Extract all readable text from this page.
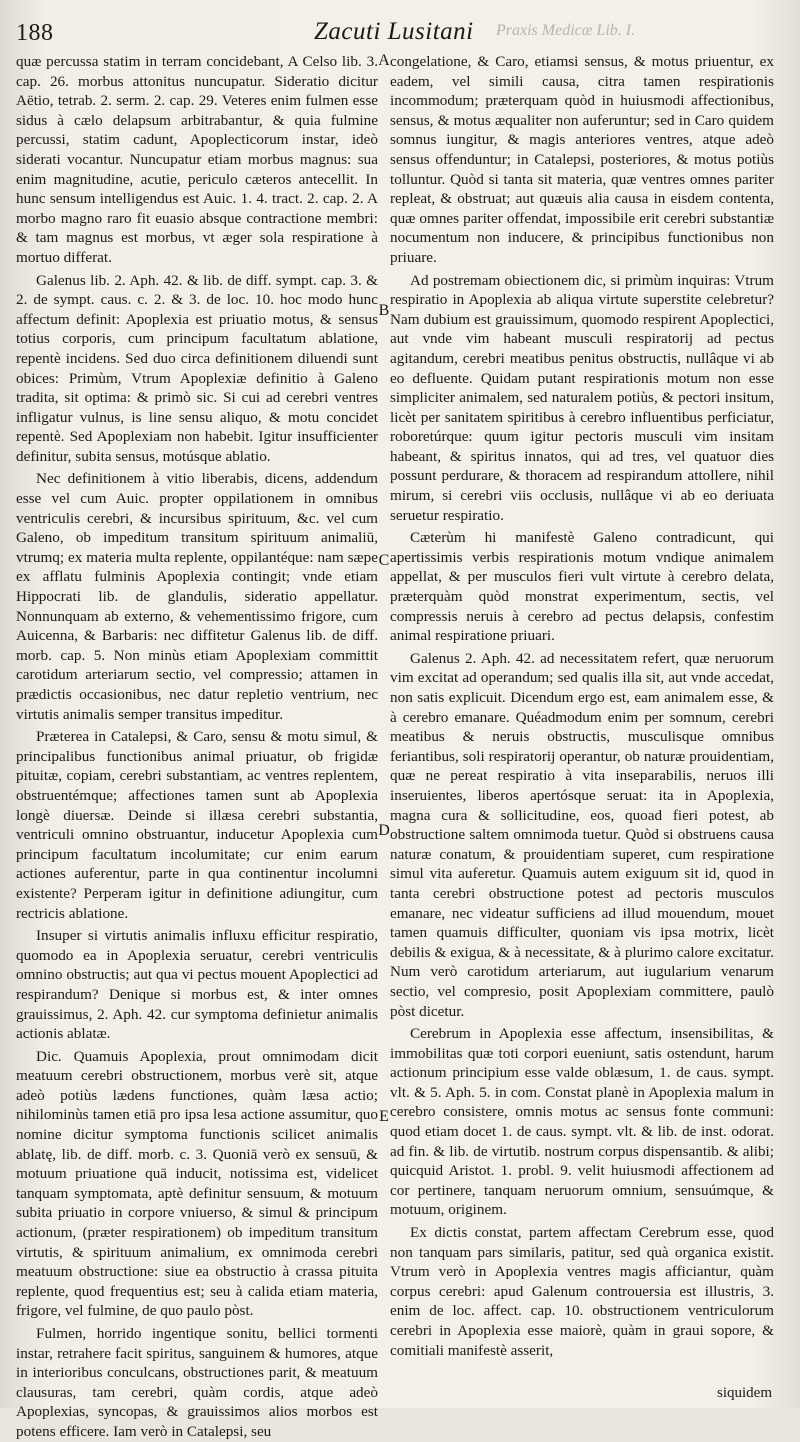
188	Zacuti Lusitani Praxis Medicæ Lib. I.

quæ percussa statim in terram concidebant, A Celso lib. 3. cap. 26. morbus attonitus nuncupatur. Sideratio dicitur Aëtio, tetrab. 2. serm. 2. cap. 29. Veteres enim fulmen esse sidus à cælo delapsum arbitrabantur, & quia fulmine percussi, statim cadunt, Apoplecticorum instar, ideò siderati vocantur. Nuncupatur etiam morbus magnus: sua enim magnitudine, acutie, periculo cæteros antecellit. In hunc sensum intelligendus est Auic. 1. 4. tract. 2. cap. 2. A morbo magno raro fit euasio absque contractione membri: & tam magnus est morbus, vt æger sola respiratione à mortuo differat.

Galenus lib. 2. Aph. 42. & lib. de diff. sympt. cap. 3. & 2. de sympt. caus. c. 2. & 3. de loc. 10. hoc modo hunc affectum definit: Apoplexia est priuatio motus, & sensus totius corporis, cum principum facultatum ablatione, repentè incidens. Sed duo circa definitionem diluendi sunt obices: Primùm, Vtrum Apoplexiæ definitio à Galeno tradita, sit optima: & primò sic. Si cui ad cerebri ventres infligatur vulnus, is line sensu aliquo, & motu concidet repentè. Sed Apoplexiam non habebit. Igitur insufficienter definitur, subita sensus, motúsque ablatio.

Nec definitionem à vitio liberabis, dicens, addendum esse vel cum Auic. propter oppilationem in omnibus ventriculis cerebri, & incursibus spirituum, &c. vel cum Galeno, ob impeditum transitum spirituum animaliū, vtrumq; ex materia multa replente, oppilantéque: nam sæpe ex afflatu fulminis Apoplexia contingit; vnde etiam Hippocrati lib. de glandulis, sideratio appellatur. Nonnunquam ab externo, & vehementissimo frigore, cum Auicenna, & Barbaris: nec diffitetur Galenus lib. de diff. morb. cap. 5. Non minùs etiam Apoplexiam committit carotidum arteriarum sectio, vel compressio; attamen in prædictis occasionibus, nec datur repletio ventrium, nec virtutis animalis semper transitus impeditur.

Præterea in Catalepsi, & Caro, sensu & motu simul, & principalibus functionibus animal priuatur, ob frigidæ pituitæ, copiam, cerebri substantiam, ac ventres replentem, obstruentémque; affectiones tamen sunt ab Apoplexia longè diuersæ. Deinde si illæsa cerebri substantia, ventriculi omnino obstruantur, inducetur Apoplexia cum principum facultatum incolumitate; cur enim earum actiones auferentur, parte in qua continentur incolumni existente? Perperam igitur in definitione adiungitur, cum rectricis ablatione.

Insuper si virtutis animalis influxu efficitur respiratio, quomodo ea in Apoplexia seruatur, cerebri ventriculis omnino obstructis; aut qua vi pectus mouent Apoplectici ad respirandum? Denique si morbus est, & inter omnes grauissimus, 2. Aph. 42. cur symptoma definietur animalis actionis ablatæ.

Dic. Quamuis Apoplexia, prout omnimodam dicit meatuum cerebri obstructionem, morbus verè sit, atque adeò potiùs lædens functiones, quàm læsa actio; nihilominùs tamen etiā pro ipsa lesa actione assumitur, quo nomine dicitur symptoma functionis scilicet animalis ablatę, lib. de diff. morb. c. 3. Quoniā verò ex sensuū, & motuum priuatione quā inducit, notissima est, videlicet tanquam symptomata, aptè definitur sensuum, & motuum subita priuatio in corpore vniuerso, & simul & principum actionum, (præter respirationem) ob impeditum transitum virtutis, & spirituum animalium, ex omnimoda cerebri meatuum obstructione: siue ea obstructio à crassa pituita replente, quod frequentius est; seu à calida etiam materia, frigore, vel fulmine, de quo paulo pòst.

Fulmen, horrido ingentique sonitu, bellici tormenti instar, retrahere facit spiritus, sanguinem & humores, atque in interioribus conculcans, obstructiones parit, & meatuum clausuras, tam cerebri, quàm cordis, atque adeò Apoplexias, syncopas, & grauissimos alios morbos est potens efficere. Iam verò in Catalepsi, seu

A
B
C
D
E

congelatione, & Caro, etiamsi sensus, & motus priuentur, ex eadem, vel simili causa, citra tamen respirationis incommodum; præterquam quòd in huiusmodi affectionibus, sensus, & motus æqualiter non auferuntur; sed in Caro quidem somnus iungitur, & magis anteriores ventres, atque adeò sensus offenduntur; in Catalepsi, posteriores, & motus potiùs tolluntur. Quòd si tanta sit materia, quæ ventres omnes pariter repleat, & obstruat; aut quæuis alia causa in eisdem contenta, quæ omnes pariter offendat, impossibile erit cerebri substantiæ nocumentum non inducere, & principibus functionibus non priuare.

Ad postremam obiectionem dic, si primùm inquiras: Vtrum respiratio in Apoplexia ab aliqua virtute superstite celebretur? Nam dubium est grauissimum, quomodo respirent Apoplectici, aut vnde vim habeant musculi respiratorij ad pectus agitandum, cerebri meatibus penitus obstructis, nullâque vi ab eo defluente. Quidam putant respirationis motum non esse simpliciter animalem, sed naturalem potiùs, & pectori insitum, licèt per sanitatem spiritibus à cerebro influentibus perficiatur, roboretúrque: quum igitur pectoris musculi vim insitam habeant, & spiritus innatos, qui ad tres, vel quatuor dies possunt perdurare, & thoracem ad respirandum attollere, nihil mirum, si cerebri viis occlusis, nullâque vi ab eo deriuata seruetur respiratio.

Cæterùm hi manifestè Galeno contradicunt, qui apertissimis verbis respirationis motum vndique animalem appellat, & per musculos fieri vult virtute à cerebro delata, præterquàm quòd monstrat experimentum, sectis, vel compressis neruis à cerebro ad pectus delapsis, confestim animal respiratione priuari.

Galenus 2. Aph. 42. ad necessitatem refert, quæ neruorum vim excitat ad operandum; sed qualis illa sit, aut vnde accedat, non satis explicuit. Dicendum ergo est, eam animalem esse, & à cerebro emanare. Quéadmodum enim per somnum, cerebri meatibus & neruis obstructis, musculisque omnibus feriantibus, soli respiratorij operantur, ob naturæ prouidentiam, quæ ne pereat respiratio à vita inseparabilis, neruos illi inseruientes, liberos apertósque seruat: ita in Apoplexia, magna cura & sollicitudine, eos, quoad fieri potest, ab obstructione saltem omnimoda tuetur. Quòd si obstruens causa naturæ conatum, & prouidentiam superet, cum respiratione simul vita auferetur. Quamuis autem exiguum sit id, quod in tanta cerebri obstructione potest ad pectoris musculos emanare, nec videatur sufficiens ad illud mouendum, mouet tamen quamuis difficulter, quoniam vis ipsa motrix, licèt debilis & exigua, & à necessitate, & à plurimo calore excitatur. Num verò carotidum arteriarum, aut iugularium venarum sectio, vel compresio, posit Apoplexiam committere, paulò pòst dicetur.

Cerebrum in Apoplexia esse affectum, insensibilitas, & immobilitas quæ toti corpori eueniunt, satis ostendunt, harum actionum principium esse valde oblæsum, 1. de caus. sympt. vlt. & 5. Aph. 5. in com. Constat planè in Apoplexia malum in cerebro consistere, omnis motus ac sensus fonte communi: quod etiam docet 1. de caus. sympt. vlt. & lib. de inst. odorat. ad fin. & lib. de virtutib. nostrum corpus dispensantib. & alibi; quicquid Aristot. 1. probl. 9. velit huiusmodi affectionem ad cor pertinere, tanquam neruorum omnium, sensuúmque, & motuum, originem.

Ex dictis constat, partem affectam Cerebrum esse, quod non tanquam pars similaris, patitur, sed quà organica existit. Vtrum verò in Apoplexia ventres magis afficiantur, quàm corpus cerebri: apud Galenum controuersia est illustris, 3. enim de loc. affect. cap. 10. obstructionem ventriculorum cerebri in Apoplexia esse maiorè, quàm in graui sopore, & comitiali manifestè asserit,

siquidem
